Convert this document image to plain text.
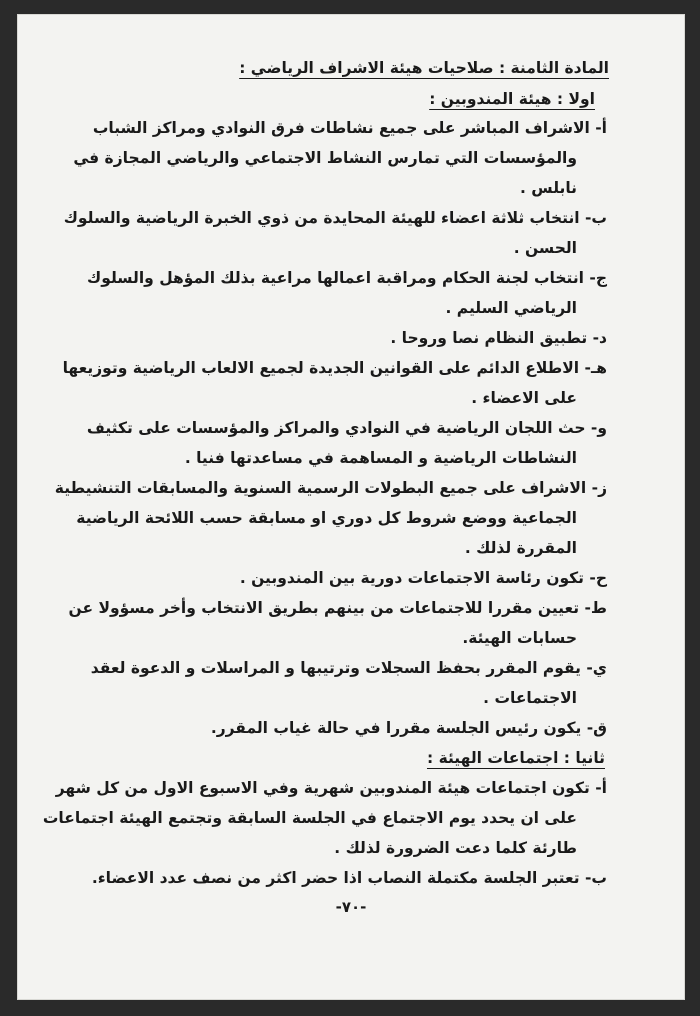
المادة الثامنة : صلاحيات هيئة الاشراف الرياضي :
اولا : هيئة المندوبين :
أ- الاشراف المباشر على جميع نشاطات فرق النوادي ومراكز الشباب
والمؤسسات التي تمارس النشاط الاجتماعي والرياضي المجازة في
نابلس .
ب- انتخاب ثلاثة اعضاء للهيئة المحايدة من ذوي الخبرة الرياضية والسلوك
الحسن .
ج- انتخاب لجنة الحكام ومراقبة اعمالها مراعية بذلك المؤهل والسلوك
الرياضي السليم .
د- تطبيق النظام نصا وروحا .
هـ- الاطلاع الدائم على القوانين الجديدة لجميع الالعاب الرياضية وتوزيعها
على الاعضاء .
و- حث اللجان الرياضية في النوادي والمراكز والمؤسسات على تكثيف
النشاطات الرياضية و المساهمة في مساعدتها فنيا .
ز- الاشراف على جميع البطولات الرسمية السنوية والمسابقات التنشيطية
الجماعية ووضع شروط كل دوري او مسابقة حسب اللائحة الرياضية
المقررة لذلك .
ح- تكون رئاسة الاجتماعات دورية بين المندوبين .
ط- تعيين مقررا للاجتماعات من بينهم بطريق الانتخاب وأخر مسؤولا عن
حسابات الهيئة.
ي- يقوم المقرر بحفظ السجلات وترتيبها و المراسلات و الدعوة لعقد
الاجتماعات .
ق- يكون رئيس الجلسة مقررا في حالة غياب المقرر.
ثانيا : اجتماعات الهيئة :
أ- تكون اجتماعات هيئة المندوبين شهرية وفي الاسبوع الاول من كل شهر
على ان يحدد يوم الاجتماع في الجلسة السابقة وتجتمع الهيئة اجتماعات
طارئة كلما دعت الضرورة لذلك .
ب- تعتبر الجلسة مكتملة النصاب اذا حضر اكثر من نصف عدد الاعضاء.
-٧٠-
